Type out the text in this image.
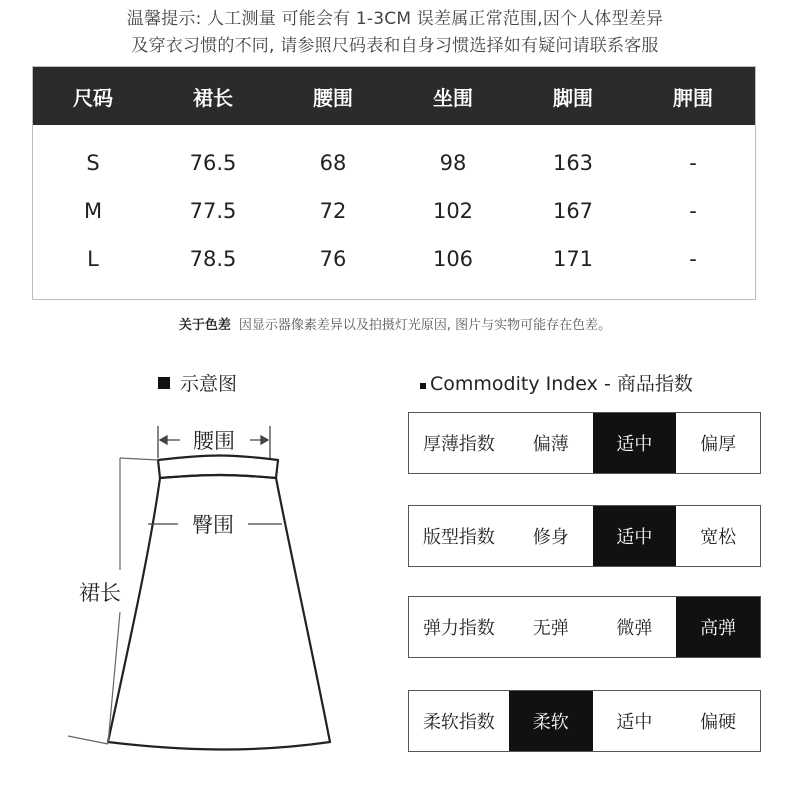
温馨提示: 人工测量 可能会有 1-3CM 误差属正常范围,因个人体型差异
及穿衣习惯的不同, 请参照尺码表和自身习惯选择如有疑问请联系客服
尺码	裙长	腰围	坐围	脚围	胛围
S	76.5	68	98	163	-
M	77.5	72	102	167	-
L	78.5	76	106	171	-
关于色差 因显示器像素差异以及拍摄灯光原因, 图片与实物可能存在色差。
示意图
腰围
臀围
裙长
Commodity Index - 商品指数
厚薄指数	偏薄	适中	偏厚
版型指数	修身	适中	宽松
弹力指数	无弹	微弹	高弹
柔软指数	柔软	适中	偏硬
